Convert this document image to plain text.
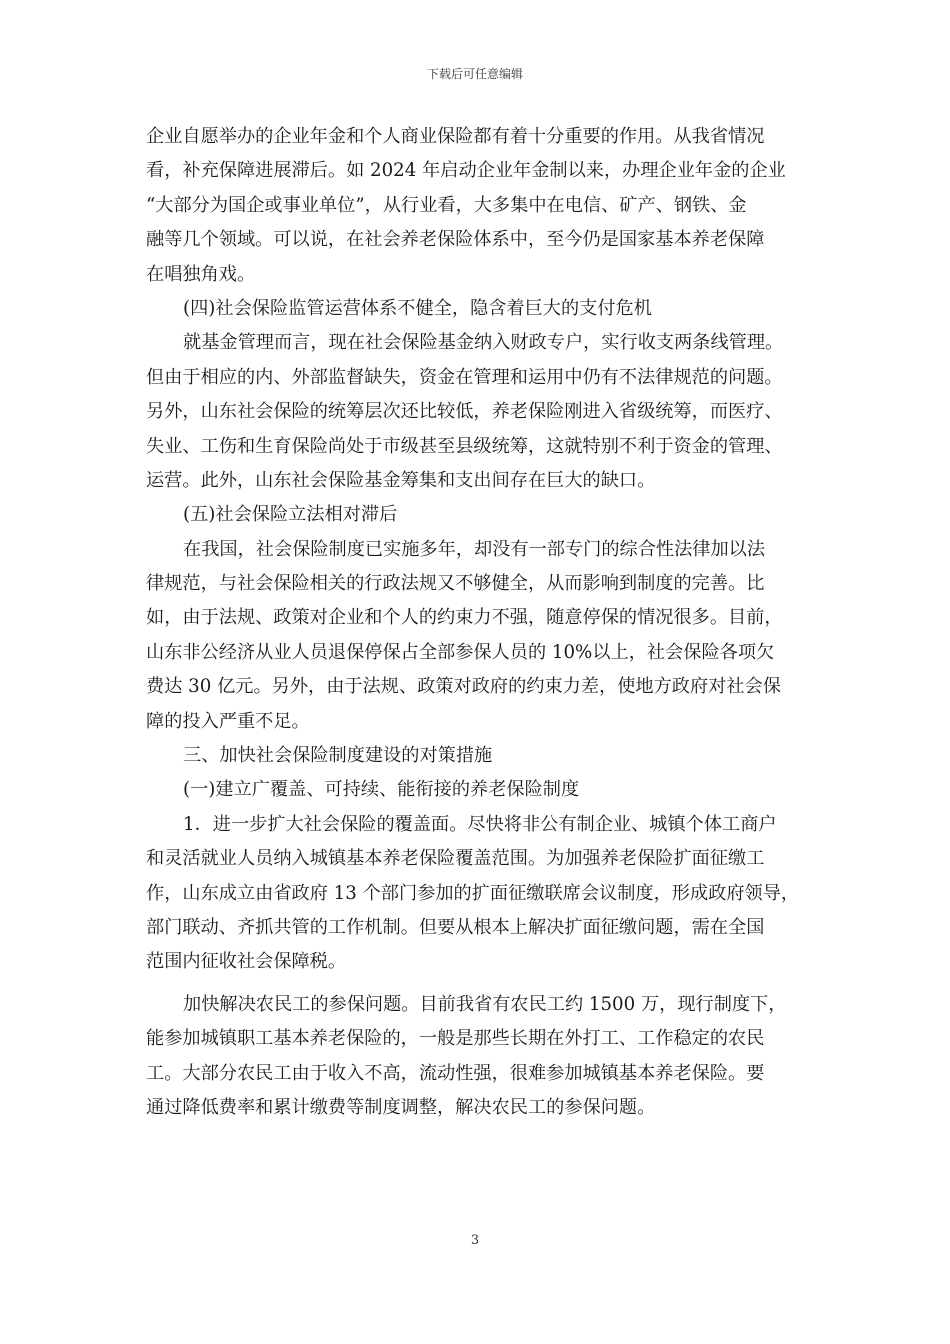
下载后可任意编辑
企业自愿举办的企业年金和个人商业保险都有着十分重要的作用。从我省情况
看，补充保障进展滞后。如 2024 年启动企业年金制以来，办理企业年金的企业
“大部分为国企或事业单位”，从行业看，大多集中在电信、矿产、钢铁、金
融等几个领域。可以说，在社会养老保险体系中，至今仍是国家基本养老保障
在唱独角戏。
(四)社会保险监管运营体系不健全，隐含着巨大的支付危机
就基金管理而言，现在社会保险基金纳入财政专户，实行收支两条线管理。
但由于相应的内、外部监督缺失，资金在管理和运用中仍有不法律规范的问题。
另外，山东社会保险的统筹层次还比较低，养老保险刚进入省级统筹，而医疗、
失业、工伤和生育保险尚处于市级甚至县级统筹，这就特别不利于资金的管理、
运营。此外，山东社会保险基金筹集和支出间存在巨大的缺口。
(五)社会保险立法相对滞后
在我国，社会保险制度已实施多年，却没有一部专门的综合性法律加以法
律规范，与社会保险相关的行政法规又不够健全，从而影响到制度的完善。比
如，由于法规、政策对企业和个人的约束力不强，随意停保的情况很多。目前，
山东非公经济从业人员退保停保占全部参保人员的 10%以上，社会保险各项欠
费达 30 亿元。另外，由于法规、政策对政府的约束力差，使地方政府对社会保
障的投入严重不足。
三、加快社会保险制度建设的对策措施
(一)建立广覆盖、可持续、能衔接的养老保险制度
1．进一步扩大社会保险的覆盖面。尽快将非公有制企业、城镇个体工商户
和灵活就业人员纳入城镇基本养老保险覆盖范围。为加强养老保险扩面征缴工
作，山东成立由省政府 13 个部门参加的扩面征缴联席会议制度，形成政府领导，
部门联动、齐抓共管的工作机制。但要从根本上解决扩面征缴问题，需在全国
范围内征收社会保障税。
加快解决农民工的参保问题。目前我省有农民工约 1500 万，现行制度下，
能参加城镇职工基本养老保险的，一般是那些长期在外打工、工作稳定的农民
工。大部分农民工由于收入不高，流动性强，很难参加城镇基本养老保险。要
通过降低费率和累计缴费等制度调整，解决农民工的参保问题。
3
